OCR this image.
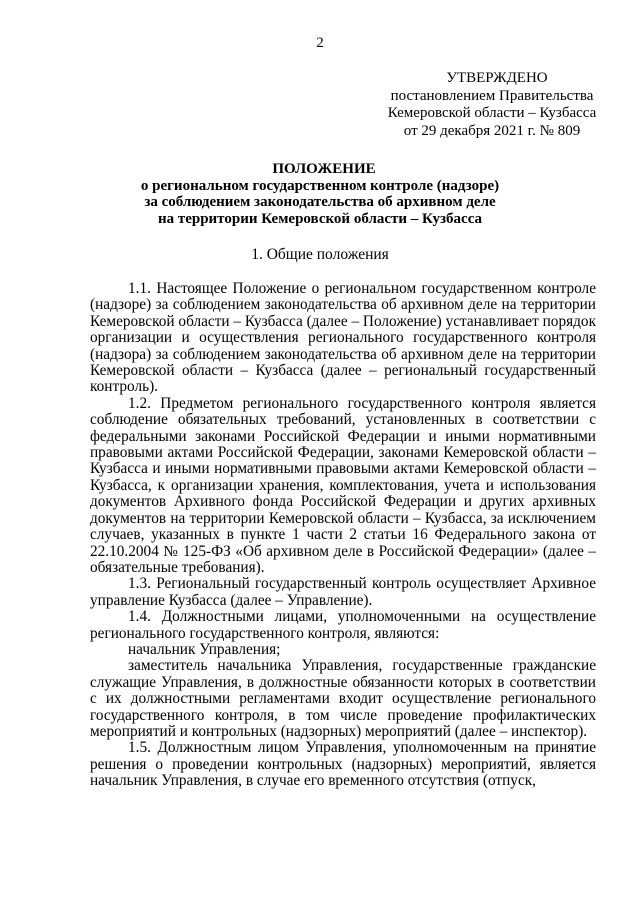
2
УТВЕРЖДЕНО
постановлением Правительства
Кемеровской области – Кузбасса
от 29 декабря 2021 г. № 809
ПОЛОЖЕНИЕ
о региональном государственном контроле (надзоре)
за соблюдением законодательства об архивном деле
на территории Кемеровской области – Кузбасса
1. Общие положения

1.1. Настоящее Положение о региональном государственном контроле (надзоре) за соблюдением законодательства об архивном деле на территории Кемеровской области – Кузбасса (далее – Положение) устанавливает порядок организации и осуществления регионального государственного контроля (надзора) за соблюдением законодательства об архивном деле на территории Кемеровской области – Кузбасса (далее – региональный государственный контроль).

1.2. Предметом регионального государственного контроля является соблюдение обязательных требований, установленных в соответствии с федеральными законами Российской Федерации и иными нормативными правовыми актами Российской Федерации, законами Кемеровской области – Кузбасса и иными нормативными правовыми актами Кемеровской области – Кузбасса, к организации хранения, комплектования, учета и использования документов Архивного фонда Российской Федерации и других архивных документов на территории Кемеровской области – Кузбасса, за исключением случаев, указанных в пункте 1 части 2 статьи 16 Федерального закона от 22.10.2004 № 125-ФЗ «Об архивном деле в Российской Федерации» (далее – обязательные требования).

1.3. Региональный государственный контроль осуществляет Архивное управление Кузбасса (далее – Управление).

1.4. Должностными лицами, уполномоченными на осуществление регионального государственного контроля, являются:

начальник Управления;

заместитель начальника Управления, государственные гражданские служащие Управления, в должностные обязанности которых в соответствии с их должностными регламентами входит осуществление регионального государственного контроля, в том числе проведение профилактических мероприятий и контрольных (надзорных) мероприятий (далее – инспектор).

1.5. Должностным лицом Управления, уполномоченным на принятие решения о проведении контрольных (надзорных) мероприятий, является начальник Управления, в случае его временного отсутствия (отпуск,
